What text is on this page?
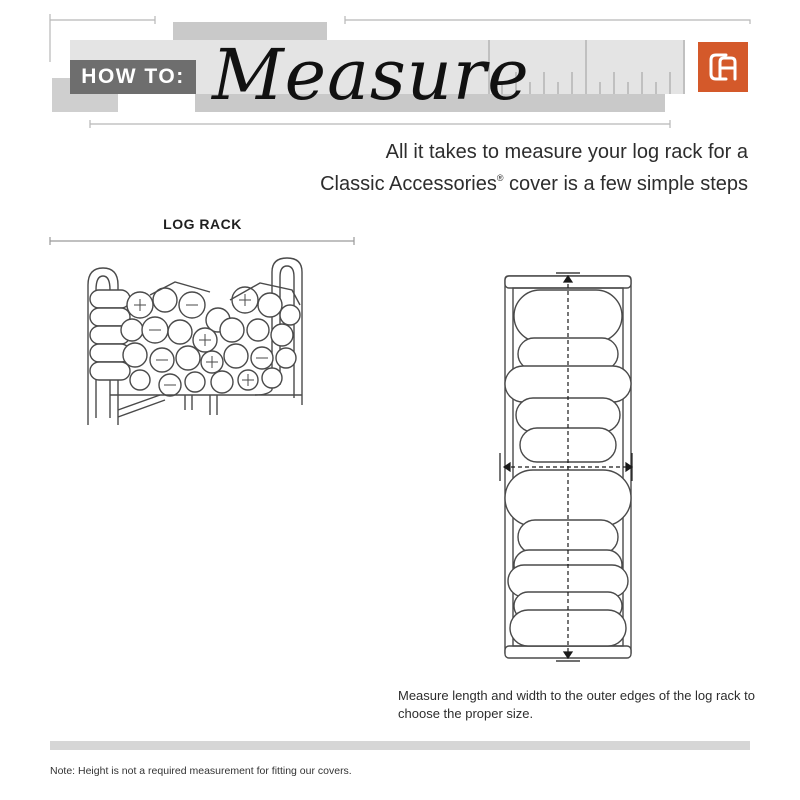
HOW TO: Measure
All it takes to measure your log rack for a
Classic Accessories® cover is a few simple steps
LOG RACK
Measure length and width to the outer edges of the log rack to choose the proper size.
Note: Height is not a required measurement for fitting our covers.
